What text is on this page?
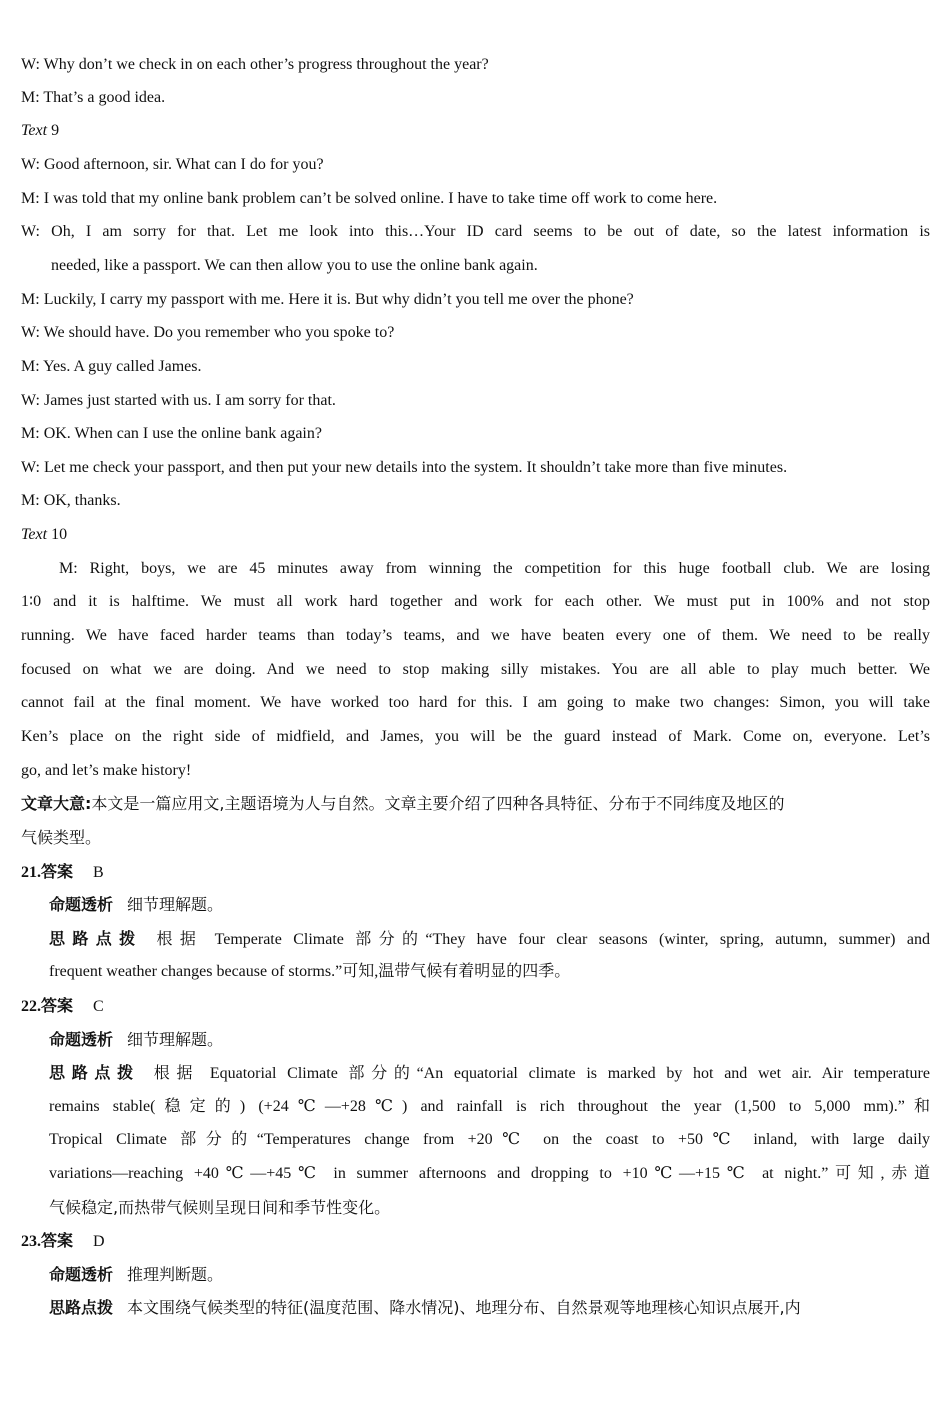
W: Why don’t we check in on each other’s progress throughout the year?
M: That’s a good idea.
Text 9
W: Good afternoon, sir. What can I do for you?
M: I was told that my online bank problem can’t be solved online. I have to take time off work to come here.
W: Oh, I am sorry for that. Let me look into this…Your ID card seems to be out of date, so the latest information is
needed, like a passport. We can then allow you to use the online bank again.
M: Luckily, I carry my passport with me. Here it is. But why didn’t you tell me over the phone?
W: We should have. Do you remember who you spoke to?
M: Yes. A guy called James.
W: James just started with us. I am sorry for that.
M: OK. When can I use the online bank again?
W: Let me check your passport, and then put your new details into the system. It shouldn’t take more than five minutes.
M: OK, thanks.
Text 10
M: Right, boys, we are 45 minutes away from winning the competition for this huge football club. We are losing
1∶0 and it is halftime. We must all work hard together and work for each other. We must put in 100% and not stop
running. We have faced harder teams than today’s teams, and we have beaten every one of them. We need to be really
focused on what we are doing. And we need to stop making silly mistakes. You are all able to play much better. We
cannot fail at the final moment. We have worked too hard for this. I am going to make two changes: Simon, you will take
Ken’s place on the right side of midfield, and James, you will be the guard instead of Mark. Come on, everyone. Let’s
go, and let’s make history!
文章大意:本文是一篇应用文,主题语境为人与自然。文章主要介绍了四种各具特征、分布于不同纬度及地区的
气候类型。
21.答案 B
命题透析 细节理解题。
思路点拨 根据 Temperate Climate 部分的“They have four clear seasons (winter, spring, autumn, summer) and
frequent weather changes because of storms.”可知,温带气候有着明显的四季。
22.答案 C
命题透析 细节理解题。
思路点拨 根据 Equatorial Climate 部分的“An equatorial climate is marked by hot and wet air. Air temperature
remains stable(稳定的) (+24℃—+28℃) and rainfall is rich throughout the year (1,500 to 5,000 mm).”和
Tropical Climate 部分的“Temperatures change from +20℃ on the coast to +50℃ inland, with large daily
variations—reaching +40℃—+45℃ in summer afternoons and dropping to +10℃—+15℃ at night.”可知,赤道
气候稳定,而热带气候则呈现日间和季节性变化。
23.答案 D
命题透析 推理判断题。
思路点拨 本文围绕气候类型的特征(温度范围、降水情况)、地理分布、自然景观等地理核心知识点展开,内
